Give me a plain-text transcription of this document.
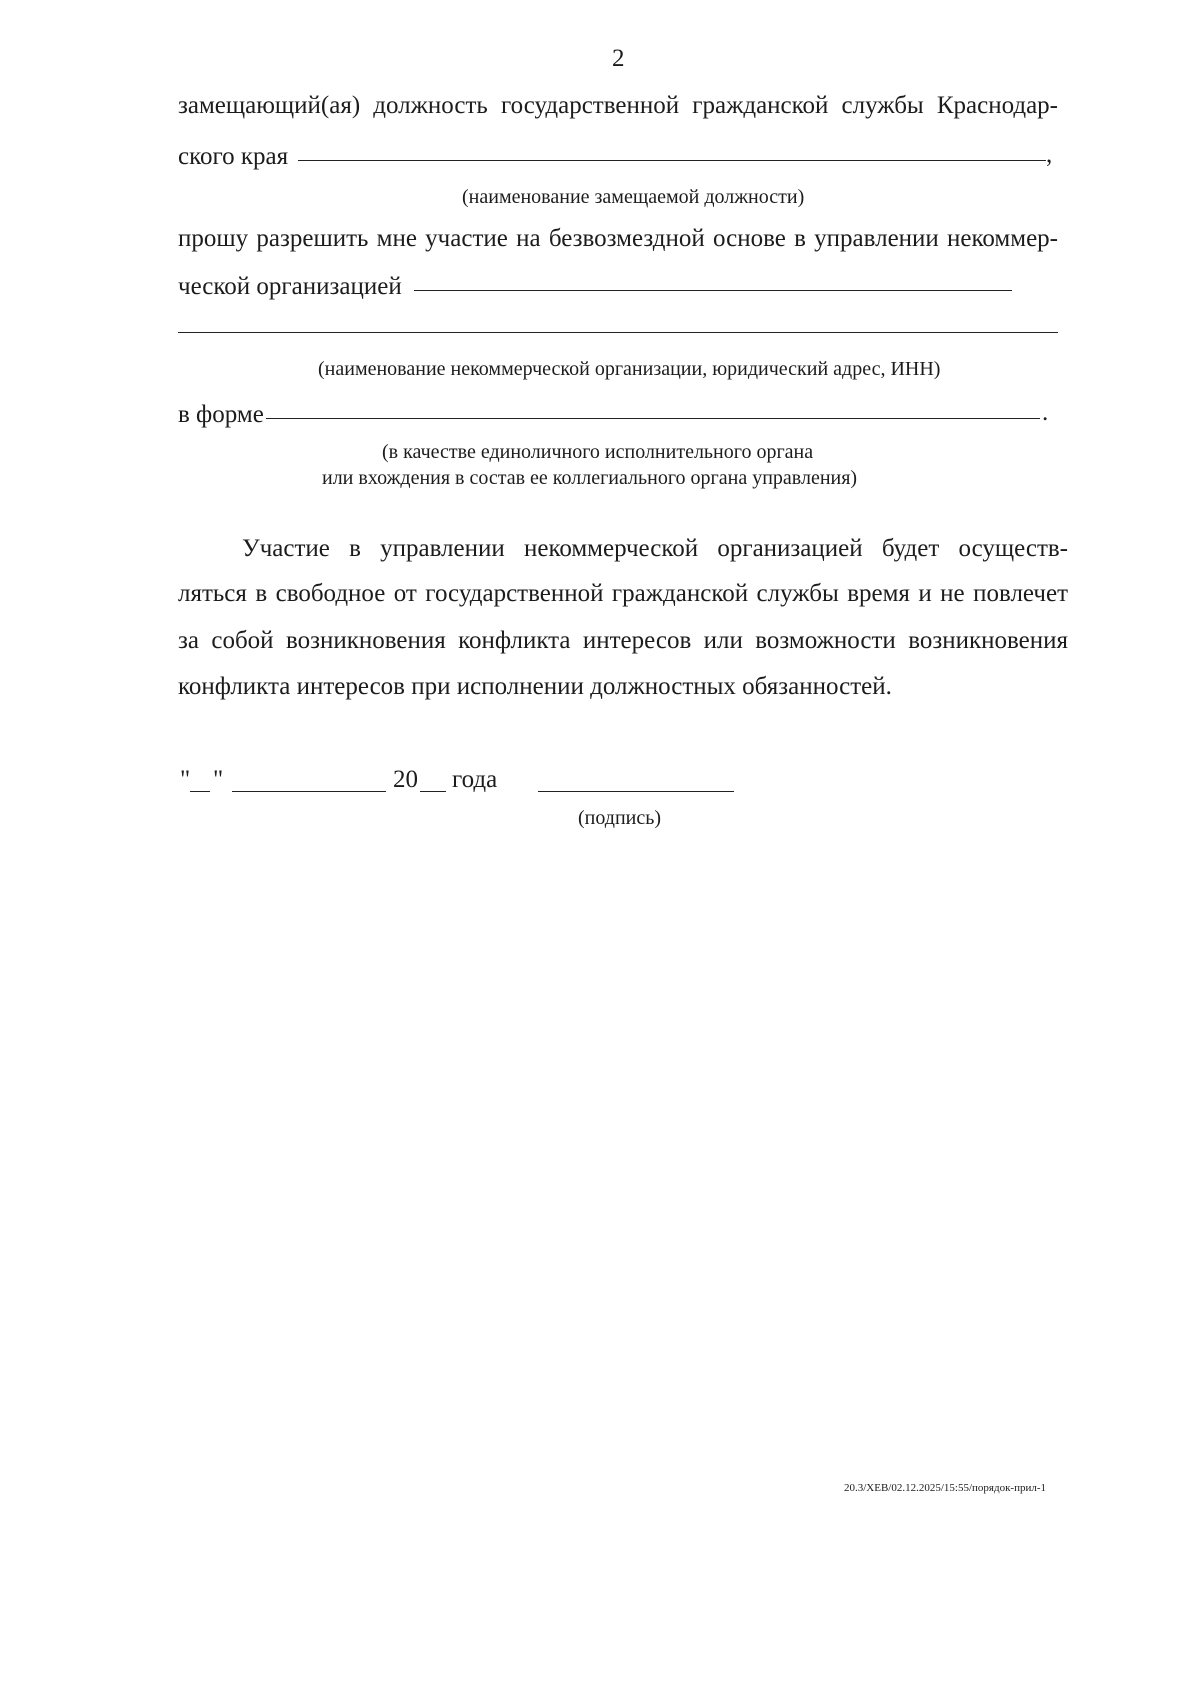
2
замещающий(ая) должность государственной гражданской службы Краснодар-
ского края	,
(наименование замещаемой должности)
прошу разрешить мне участие на безвозмездной основе в управлении некоммер-
ческой организацией
(наименование некоммерческой организации, юридический адрес, ИНН)
в форме	.
(в качестве единоличного исполнительного органа
или вхождения в состав ее коллегиального органа управления)
Участие в управлении некоммерческой организацией будет осуществ-
ляться в свободное от государственной гражданской службы время и не повлечет
за собой возникновения конфликта интересов или возможности возникновения
конфликта интересов при исполнении должностных обязанностей.
" "	20 года
(подпись)
20.3/ХЕВ/02.12.2025/15:55/порядок-прил-1
